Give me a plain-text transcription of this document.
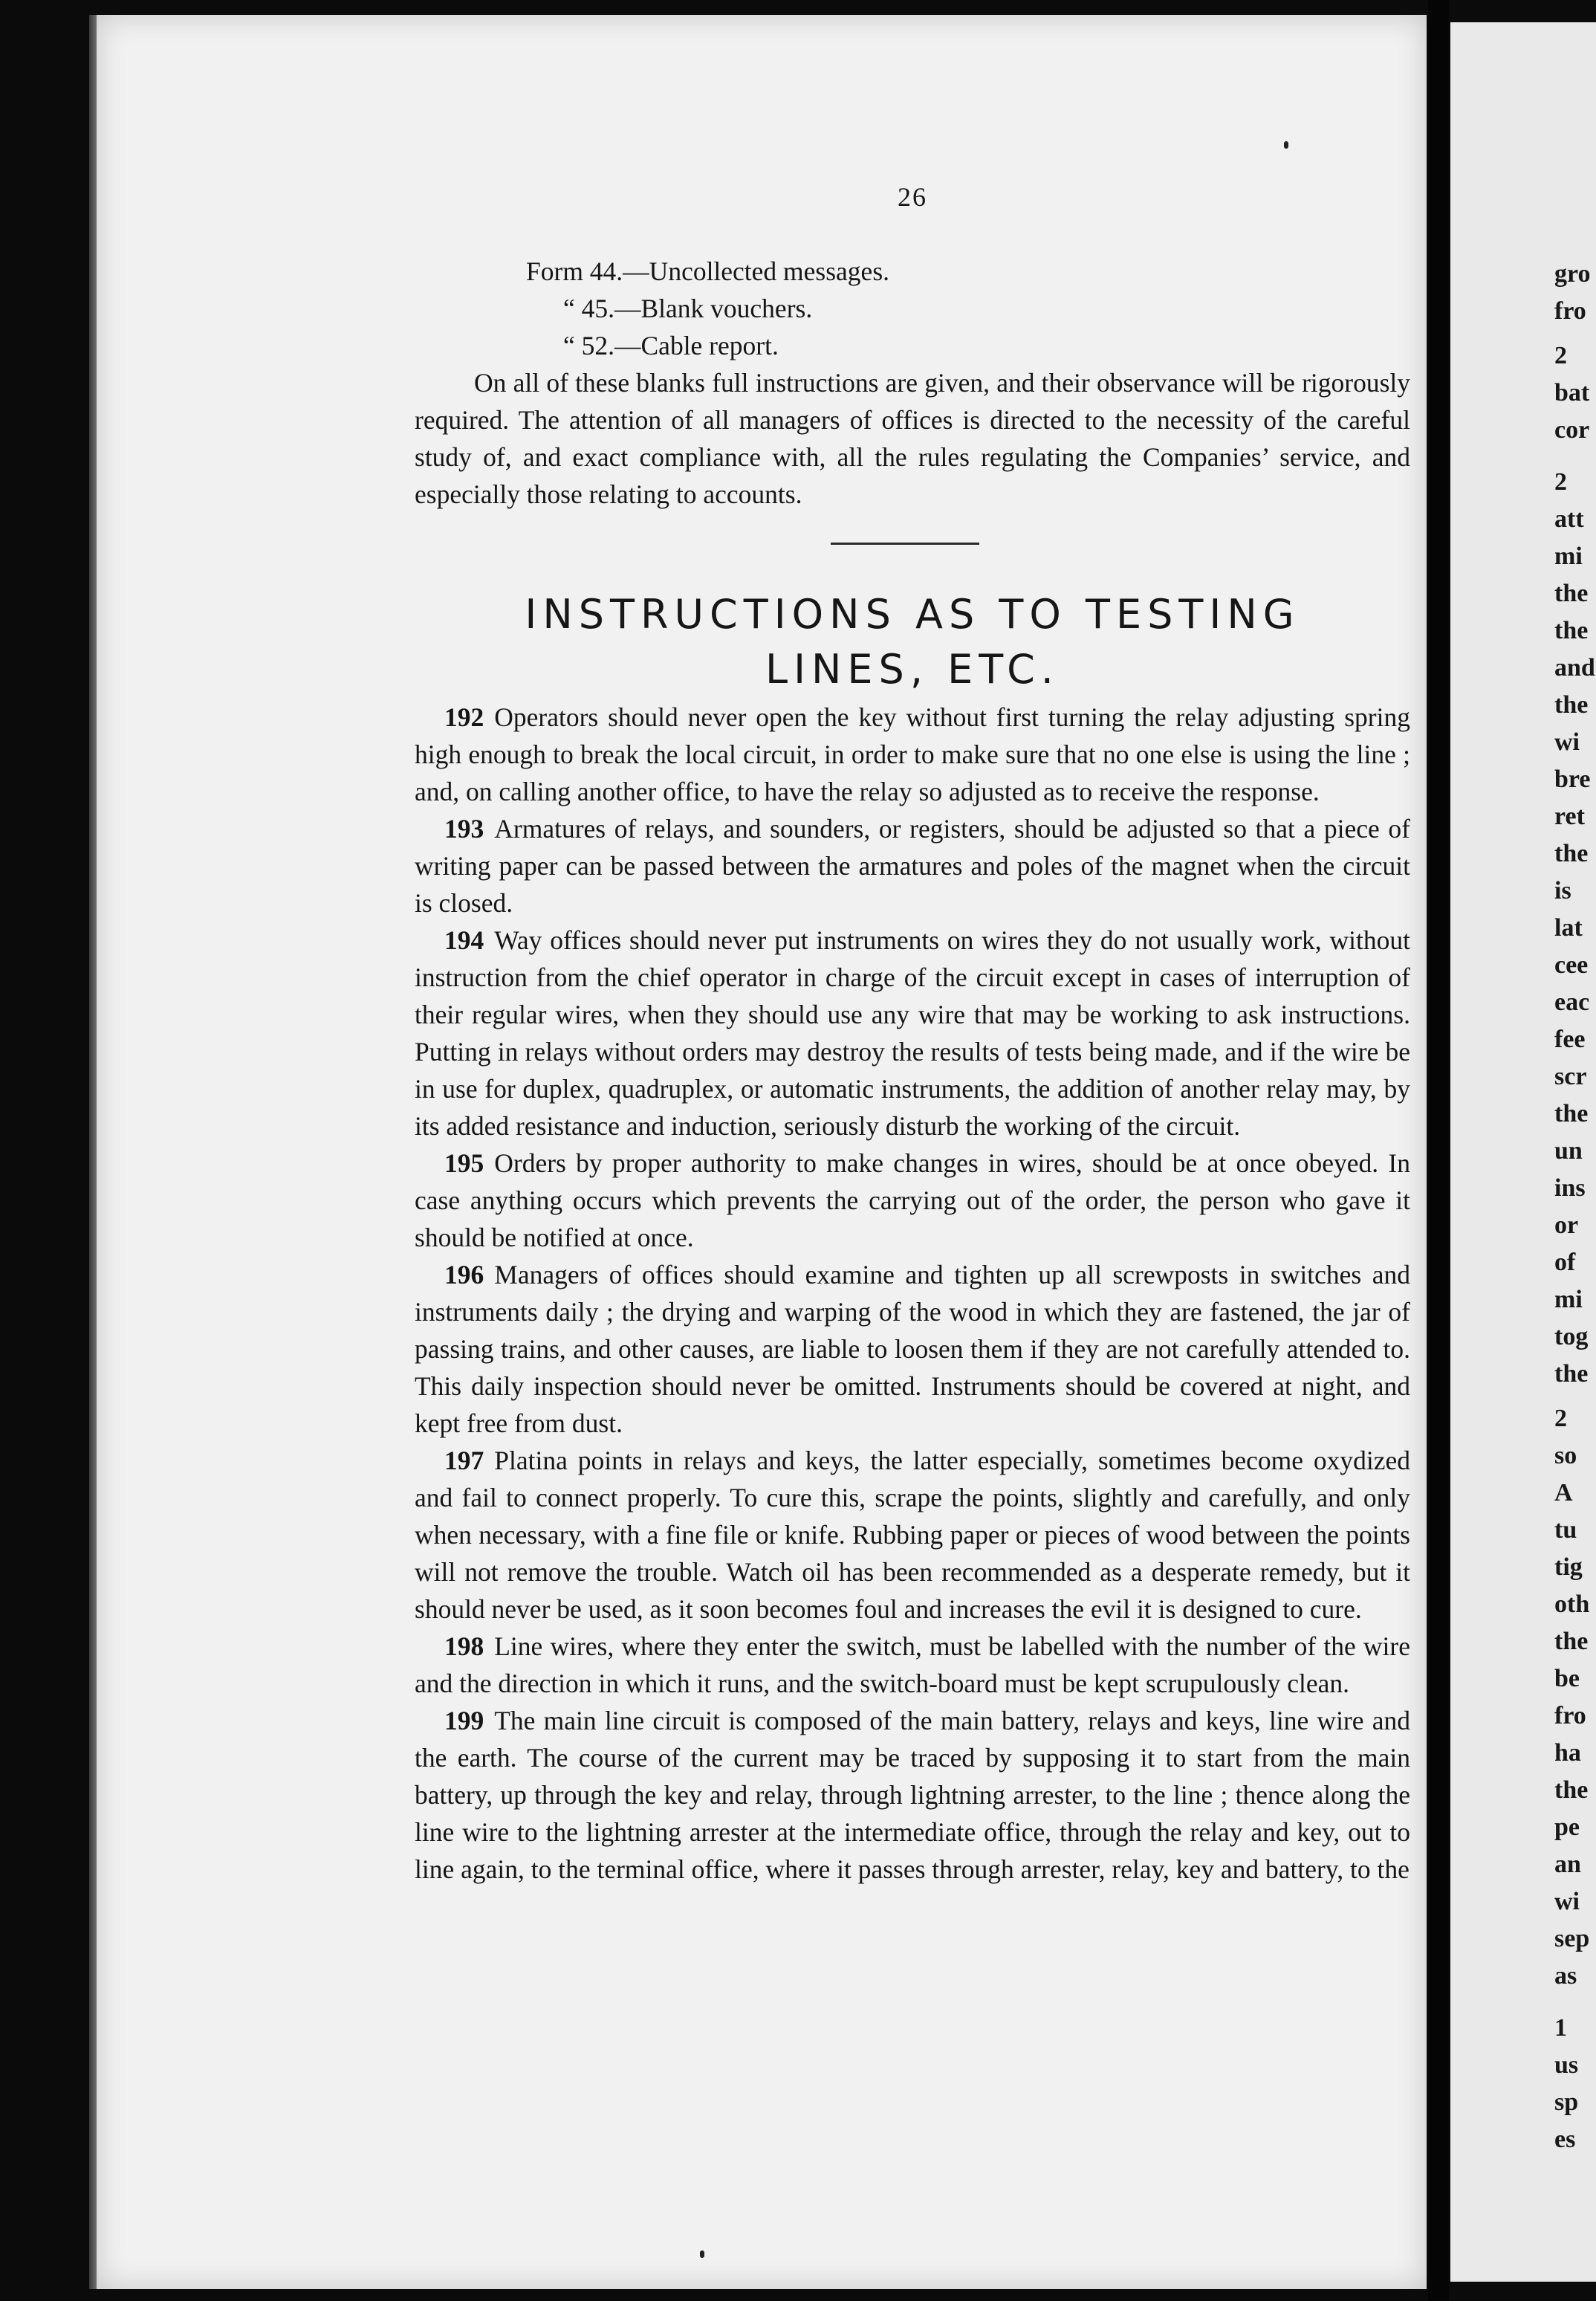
26
Form 44.—Uncollected messages.
“ 45.—Blank vouchers.
“ 52.—Cable report.
On all of these blanks full instructions are given, and their observance will be rigorously required. The attention of all managers of offices is directed to the necessity of the careful study of, and exact compliance with, all the rules regulating the Companies’ service, and especially those relating to accounts.
INSTRUCTIONS AS TO TESTING
LINES, ETC.

192 Operators should never open the key without first turning the relay adjusting spring high enough to break the local circuit, in order to make sure that no one else is using the line ; and, on calling another office, to have the relay so adjusted as to receive the response.

193 Armatures of relays, and sounders, or registers, should be adjusted so that a piece of writing paper can be passed between the armatures and poles of the magnet when the circuit is closed.

194 Way offices should never put instruments on wires they do not usually work, without instruction from the chief operator in charge of the circuit except in cases of interruption of their regular wires, when they should use any wire that may be working to ask instructions. Putting in relays without orders may destroy the results of tests being made, and if the wire be in use for duplex, quadruplex, or automatic instruments, the addition of another relay may, by its added resistance and induction, seriously disturb the working of the circuit.

195 Orders by proper authority to make changes in wires, should be at once obeyed. In case anything occurs which prevents the carrying out of the order, the person who gave it should be notified at once.

196 Managers of offices should examine and tighten up all screwposts in switches and instruments daily ; the drying and warping of the wood in which they are fastened, the jar of passing trains, and other causes, are liable to loosen them if they are not carefully attended to. This daily inspection should never be omitted. Instruments should be covered at night, and kept free from dust.

197 Platina points in relays and keys, the latter especially, sometimes become oxydized and fail to connect properly. To cure this, scrape the points, slightly and carefully, and only when necessary, with a fine file or knife. Rubbing paper or pieces of wood between the points will not remove the trouble. Watch oil has been recommended as a desperate remedy, but it should never be used, as it soon becomes foul and increases the evil it is designed to cure.

198 Line wires, where they enter the switch, must be labelled with the number of the wire and the direction in which it runs, and the switch-board must be kept scrupulously clean.

199 The main line circuit is composed of the main battery, relays and keys, line wire and the earth. The course of the current may be traced by supposing it to start from the main battery, up through the key and relay, through lightning arrester, to the line ; thence along the line wire to the lightning arrester at the intermediate office, through the relay and key, out to line again, to the terminal office, where it passes through arrester, relay, key and battery, to the

gro
fro
2
bat
cor
2
att
mi
the
the
and
the
wi
bre
ret
the
is
lat
cee
eac
fee
scr
the
un
ins
or
of
mi
tog
the
2
so
A
tu
tig
oth
the
be
fro
ha
the
pe
an
wi
sep
as
1
us
sp
es
